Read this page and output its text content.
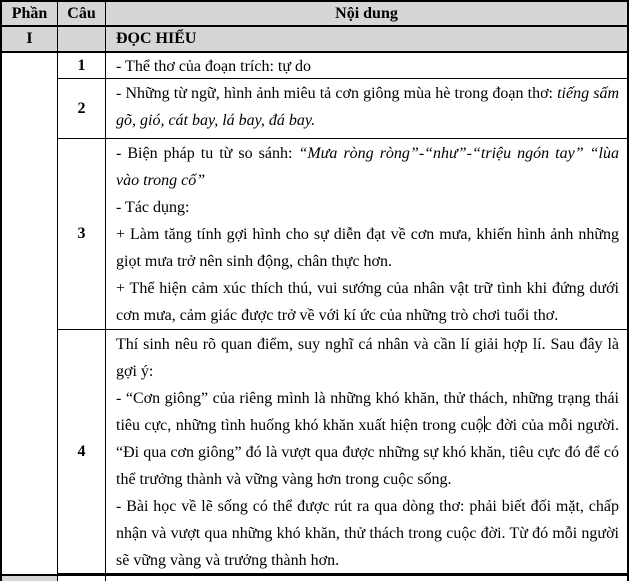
Phần Câu	Nội dung
I	ĐỌC HIỂU
1 - Thể thơ của đoạn trích: tự do
2
- Những từ ngữ, hình ảnh miêu tả cơn giông mùa hè trong đoạn thơ: tiếng sấm gõ, gió, cát bay, lá bay, đá bay.
3
- Biện pháp tu từ so sánh: “Mưa ròng ròng”-“như”-“triệu ngón tay” “lùa vào trong cổ”
- Tác dụng:
+ Làm tăng tính gợi hình cho sự diễn đạt về cơn mưa, khiến hình ảnh những giọt mưa trở nên sinh động, chân thực hơn.
+ Thể hiện cảm xúc thích thú, vui sướng của nhân vật trữ tình khi đứng dưới cơn mưa, cảm giác được trở về với kí ức của những trò chơi tuổi thơ.
4
Thí sinh nêu rõ quan điểm, suy nghĩ cá nhân và cần lí giải hợp lí. Sau đây là gợi ý:
- “Cơn giông” của riêng mình là những khó khăn, thử thách, những trạng thái tiêu cực, những tình huống khó khăn xuất hiện trong cuộc đời của mỗi người. “Đi qua cơn giông” đó là vượt qua được những sự khó khăn, tiêu cực đó để có thể trưởng thành và vững vàng hơn trong cuộc sống.
- Bài học về lẽ sống có thể được rút ra qua dòng thơ: phải biết đối mặt, chấp nhận và vượt qua những khó khăn, thử thách trong cuộc đời. Từ đó mỗi người sẽ vững vàng và trưởng thành hơn.
